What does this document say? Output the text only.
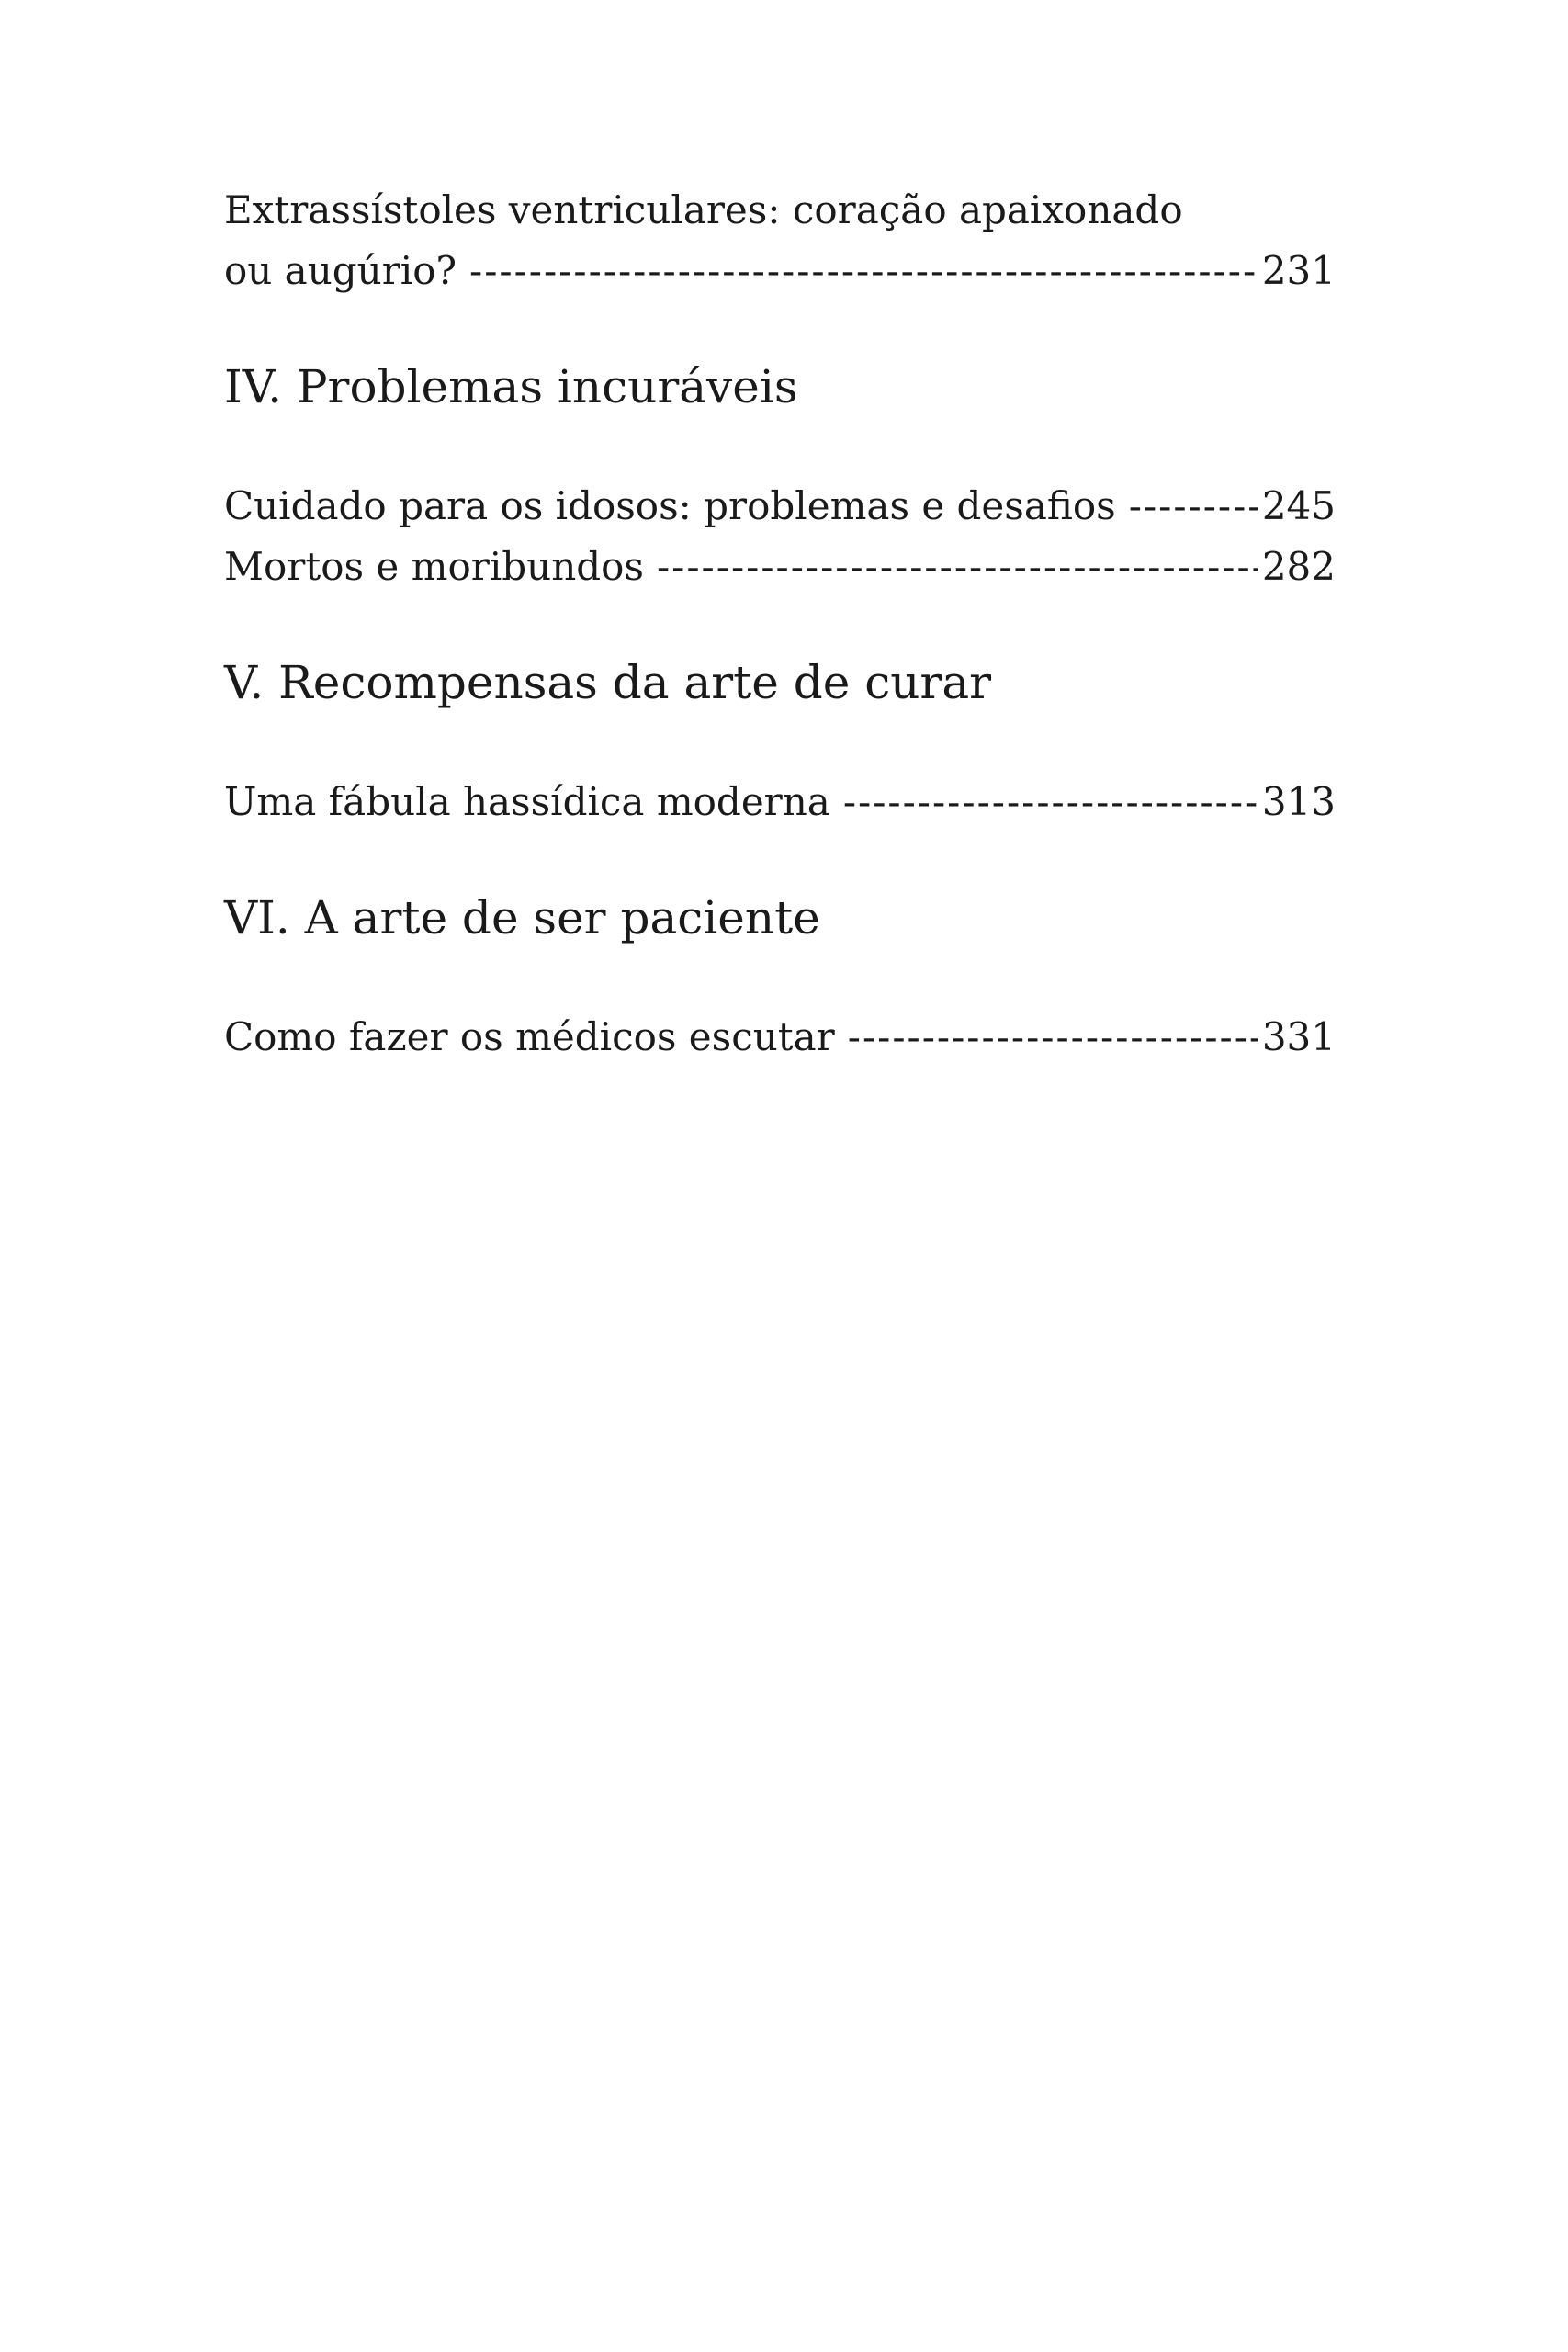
Extrassístoles ventriculares: coração apaixonado
ou augúrio? -----	231
IV. Problemas incuráveis
Cuidado para os idosos: problemas e desafios -----	245
Mortos e moribundos -----	282
V. Recompensas da arte de curar
Uma fábula hassídica moderna -----	313
VI. A arte de ser paciente
Como fazer os médicos escutar -----	331
